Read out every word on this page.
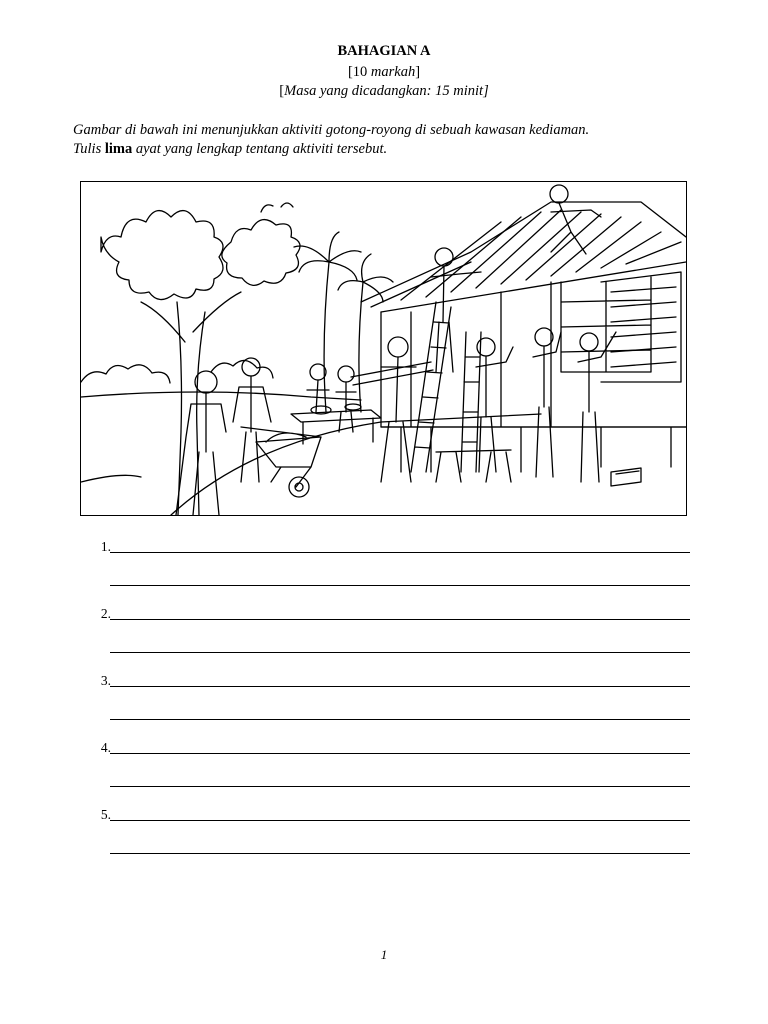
BAHAGIAN A
[10 markah]
[Masa yang dicadangkan: 15 minit]
Gambar di bawah ini menunjukkan aktiviti gotong-royong di sebuah kawasan kediaman.
Tulis lima ayat yang lengkap tentang aktiviti tersebut.
1.
2.
3.
4.
5.
1
